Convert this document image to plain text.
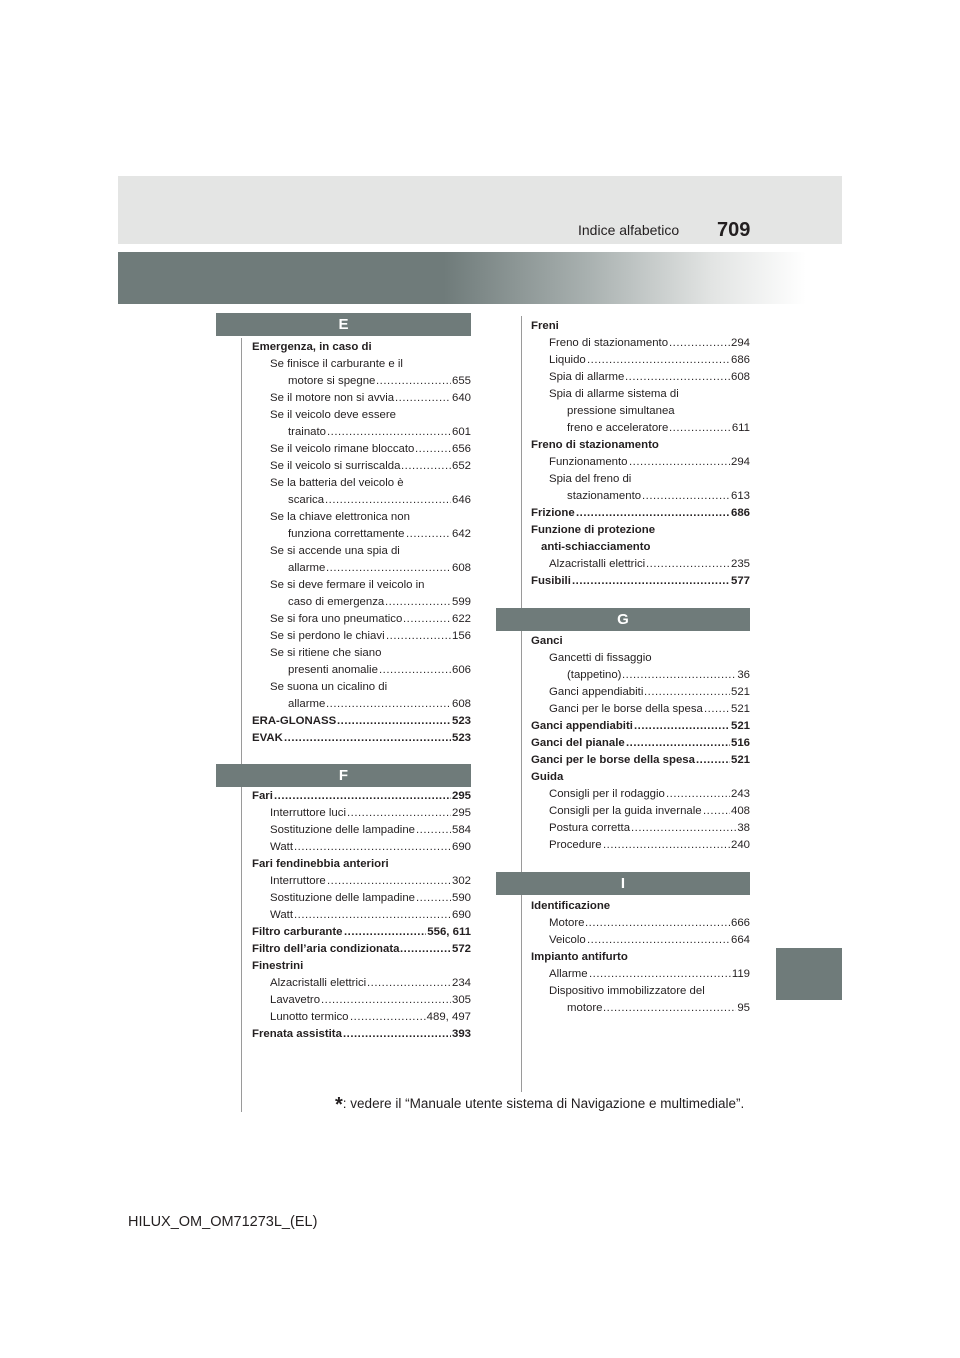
Indice alfabetico 709
E
Emergenza, in caso di
Se finisce il carburante e il
motore si spegne .....	655
Se il motore non si avvia .....	640
Se il veicolo deve essere
trainato .....	601
Se il veicolo rimane bloccato .....	656
Se il veicolo si surriscalda .....	652
Se la batteria del veicolo è
scarica .....	646
Se la chiave elettronica non
funziona correttamente .....	642
Se si accende una spia di
allarme .....	608
Se si deve fermare il veicolo in
caso di emergenza .....	599
Se si fora uno pneumatico .....	622
Se si perdono le chiavi .....	156
Se si ritiene che siano
presenti anomalie .....	606
Se suona un cicalino di
allarme .....	608
ERA-GLONASS .....	523
EVAK .....	523
F
Fari .....	295
Interruttore luci .....	295
Sostituzione delle lampadine .....	584
Watt .....	690
Fari fendinebbia anteriori
Interruttore .....	302
Sostituzione delle lampadine .....	590
Watt .....	690
Filtro carburante .....	556, 611
Filtro dell’aria condizionata .....	572
Finestrini
Alzacristalli elettrici .....	234
Lavavetro .....	305
Lunotto termico .....	489, 497
Frenata assistita .....	393
Freni
Freno di stazionamento .....	294
Liquido .....	686
Spia di allarme .....	608
Spia di allarme sistema di
pressione simultanea
freno e acceleratore .....	611
Freno di stazionamento
Funzionamento .....	294
Spia del freno di
stazionamento .....	613
Frizione .....	686
Funzione di protezione
anti-schiacciamento
Alzacristalli elettrici .....	235
Fusibili .....	577
G
Ganci
Gancetti di fissaggio
(tappetino) .....	36
Ganci appendiabiti .....	521
Ganci per le borse della spesa ..... 521
Ganci appendiabiti .....	521
Ganci del pianale .....	516
Ganci per le borse della spesa .....	521
Guida
Consigli per il rodaggio .....	243
Consigli per la guida invernale .....	408
Postura corretta .....	38
Procedure .....	240
I
Identificazione
Motore .....	666
Veicolo .....	664
Impianto antifurto
Allarme .....	119
Dispositivo immobilizzatore del
motore .....	95
*: vedere il “Manuale utente sistema di Navigazione e multimediale”.
HILUX_OM_OM71273L_(EL)
